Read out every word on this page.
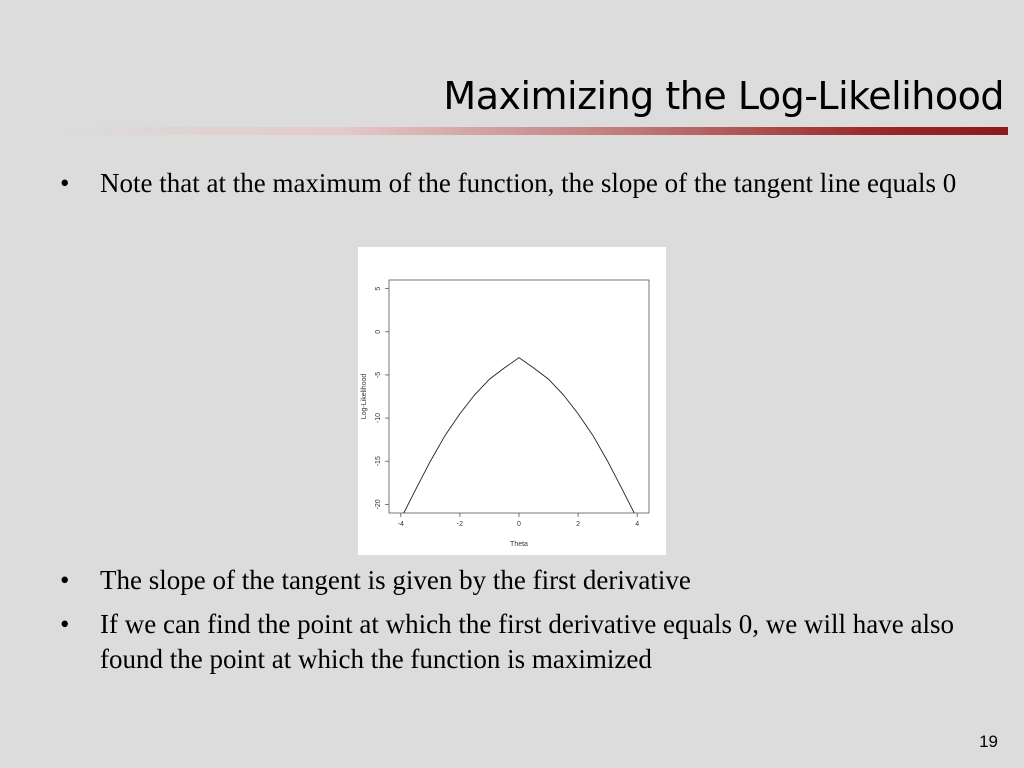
Maximizing the Log-Likelihood
• Note that at the maximum of the function, the slope of the tangent line equals 0
-4	-2	0	2	4
-20
-15
-10
-5
0
5
Theta
Log-Likelihood
• The slope of the tangent is given by the first derivative
• If we can find the point at which the first derivative equals 0, we will have also found the point at which the function is maximized
19
